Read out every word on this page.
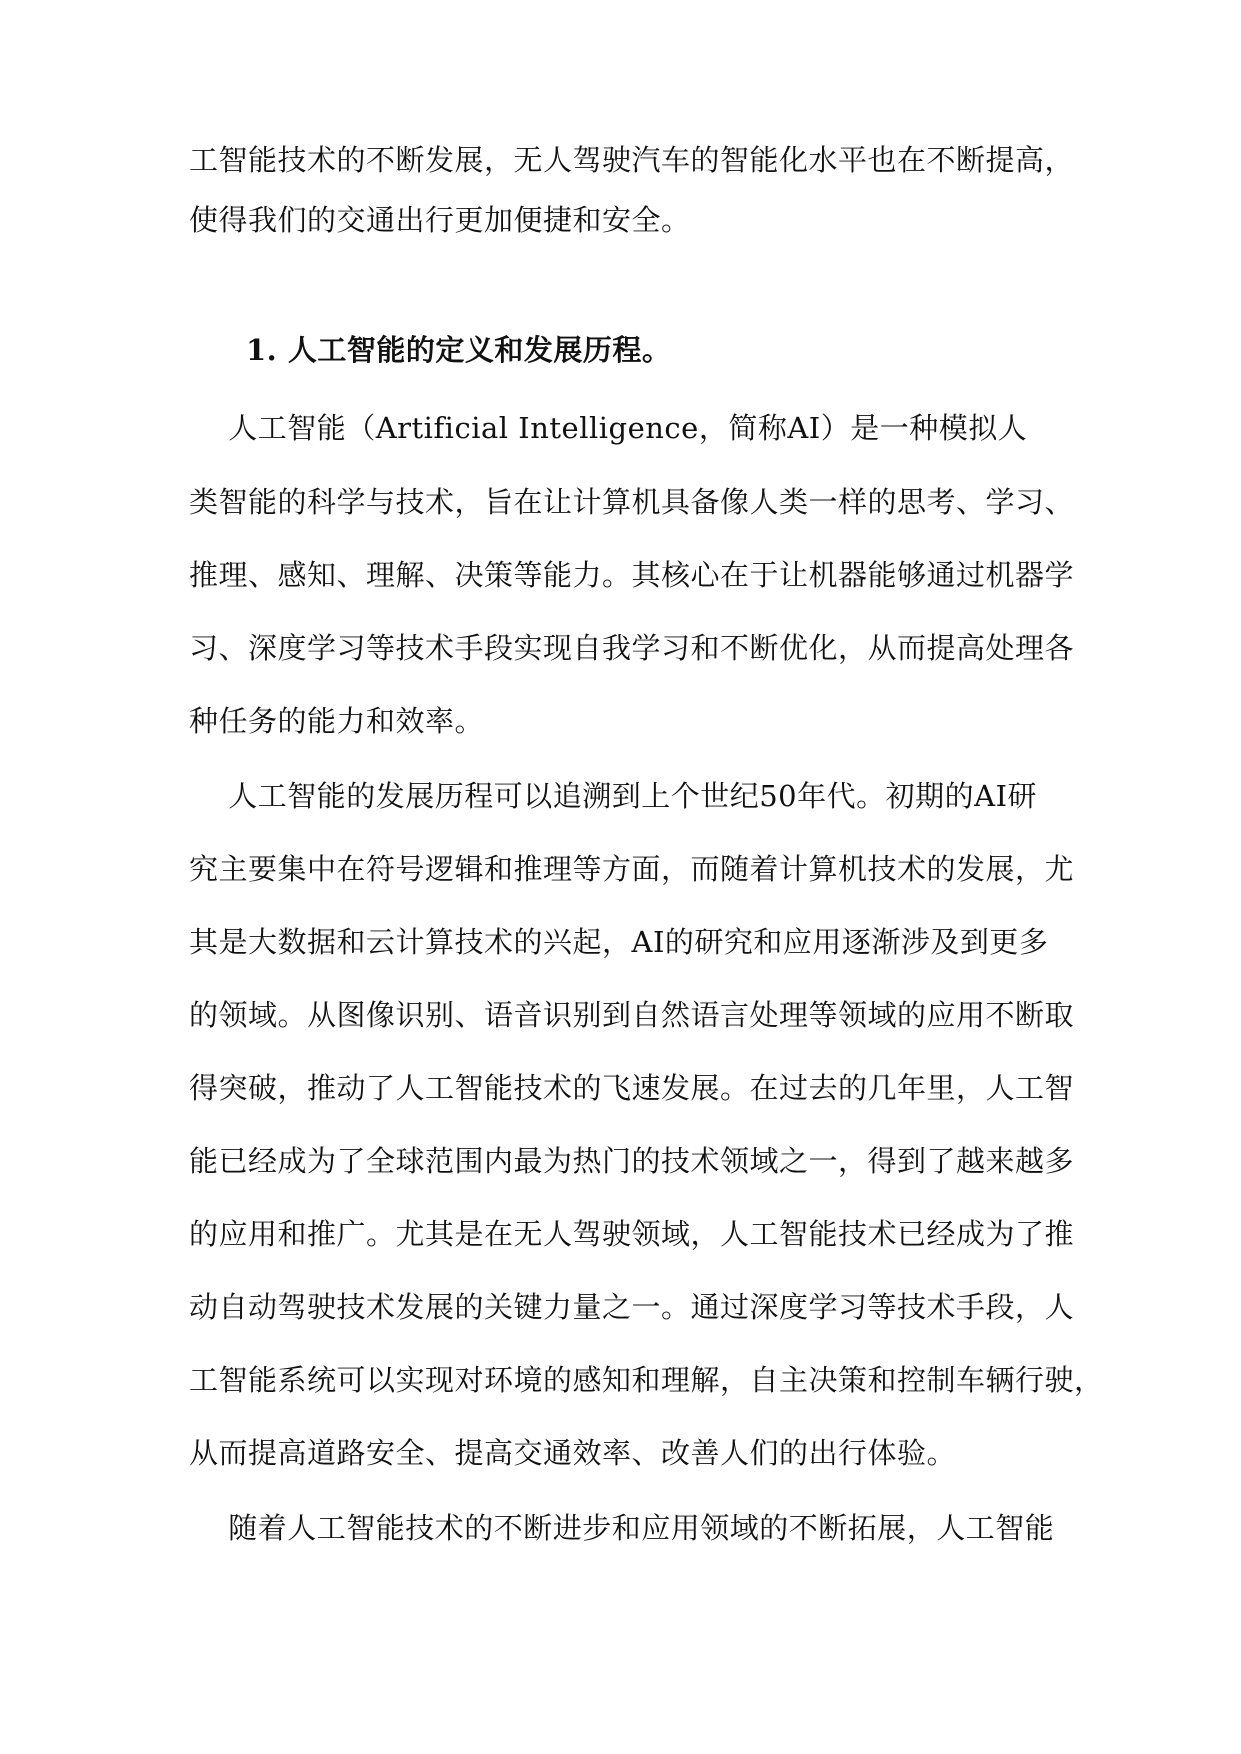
工智能技术的不断发展，无人驾驶汽车的智能化水平也在不断提高，
使得我们的交通出行更加便捷和安全。
1. 人工智能的定义和发展历程。
　 人工智能（Artificial Intelligence，简称AI）是一种模拟人
类智能的科学与技术，旨在让计算机具备像人类一样的思考、学习、
推理、感知、理解、决策等能力。其核心在于让机器能够通过机器学
习、深度学习等技术手段实现自我学习和不断优化，从而提高处理各
种任务的能力和效率。
　 人工智能的发展历程可以追溯到上个世纪50年代。初期的AI研
究主要集中在符号逻辑和推理等方面，而随着计算机技术的发展，尤
其是大数据和云计算技术的兴起，AI的研究和应用逐渐涉及到更多
的领域。从图像识别、语音识别到自然语言处理等领域的应用不断取
得突破，推动了人工智能技术的飞速发展。在过去的几年里，人工智
能已经成为了全球范围内最为热门的技术领域之一，得到了越来越多
的应用和推广。尤其是在无人驾驶领域，人工智能技术已经成为了推
动自动驾驶技术发展的关键力量之一。通过深度学习等技术手段，人
工智能系统可以实现对环境的感知和理解，自主决策和控制车辆行驶，
从而提高道路安全、提高交通效率、改善人们的出行体验。
　 随着人工智能技术的不断进步和应用领域的不断拓展，人工智能
